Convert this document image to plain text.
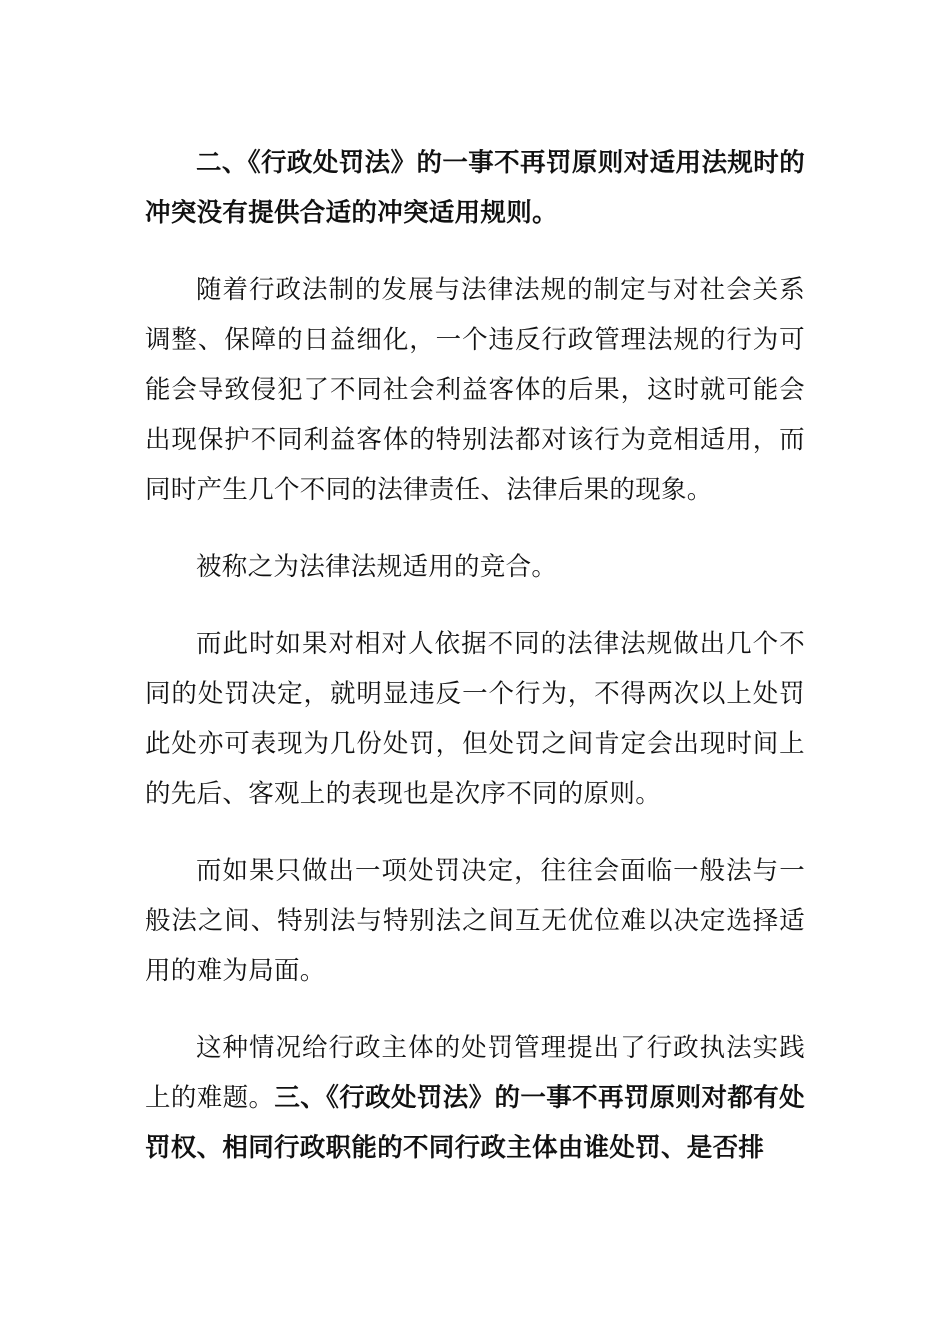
二、《行政处罚法》的一事不再罚原则对适用法规时的冲突没有提供合适的冲突适用规则。

随着行政法制的发展与法律法规的制定与对社会关系调整、保障的日益细化，一个违反行政管理法规的行为可能会导致侵犯了不同社会利益客体的后果，这时就可能会出现保护不同利益客体的特别法都对该行为竞相适用，而同时产生几个不同的法律责任、法律后果的现象。

被称之为法律法规适用的竞合。

而此时如果对相对人依据不同的法律法规做出几个不同的处罚决定，就明显违反一个行为，不得两次以上处罚此处亦可表现为几份处罚，但处罚之间肯定会出现时间上的先后、客观上的表现也是次序不同的原则。

而如果只做出一项处罚决定，往往会面临一般法与一般法之间、特别法与特别法之间互无优位难以决定选择适用的难为局面。

这种情况给行政主体的处罚管理提出了行政执法实践上的难题。三、《行政处罚法》的一事不再罚原则对都有处罚权、相同行政职能的不同行政主体由谁处罚、是否排
